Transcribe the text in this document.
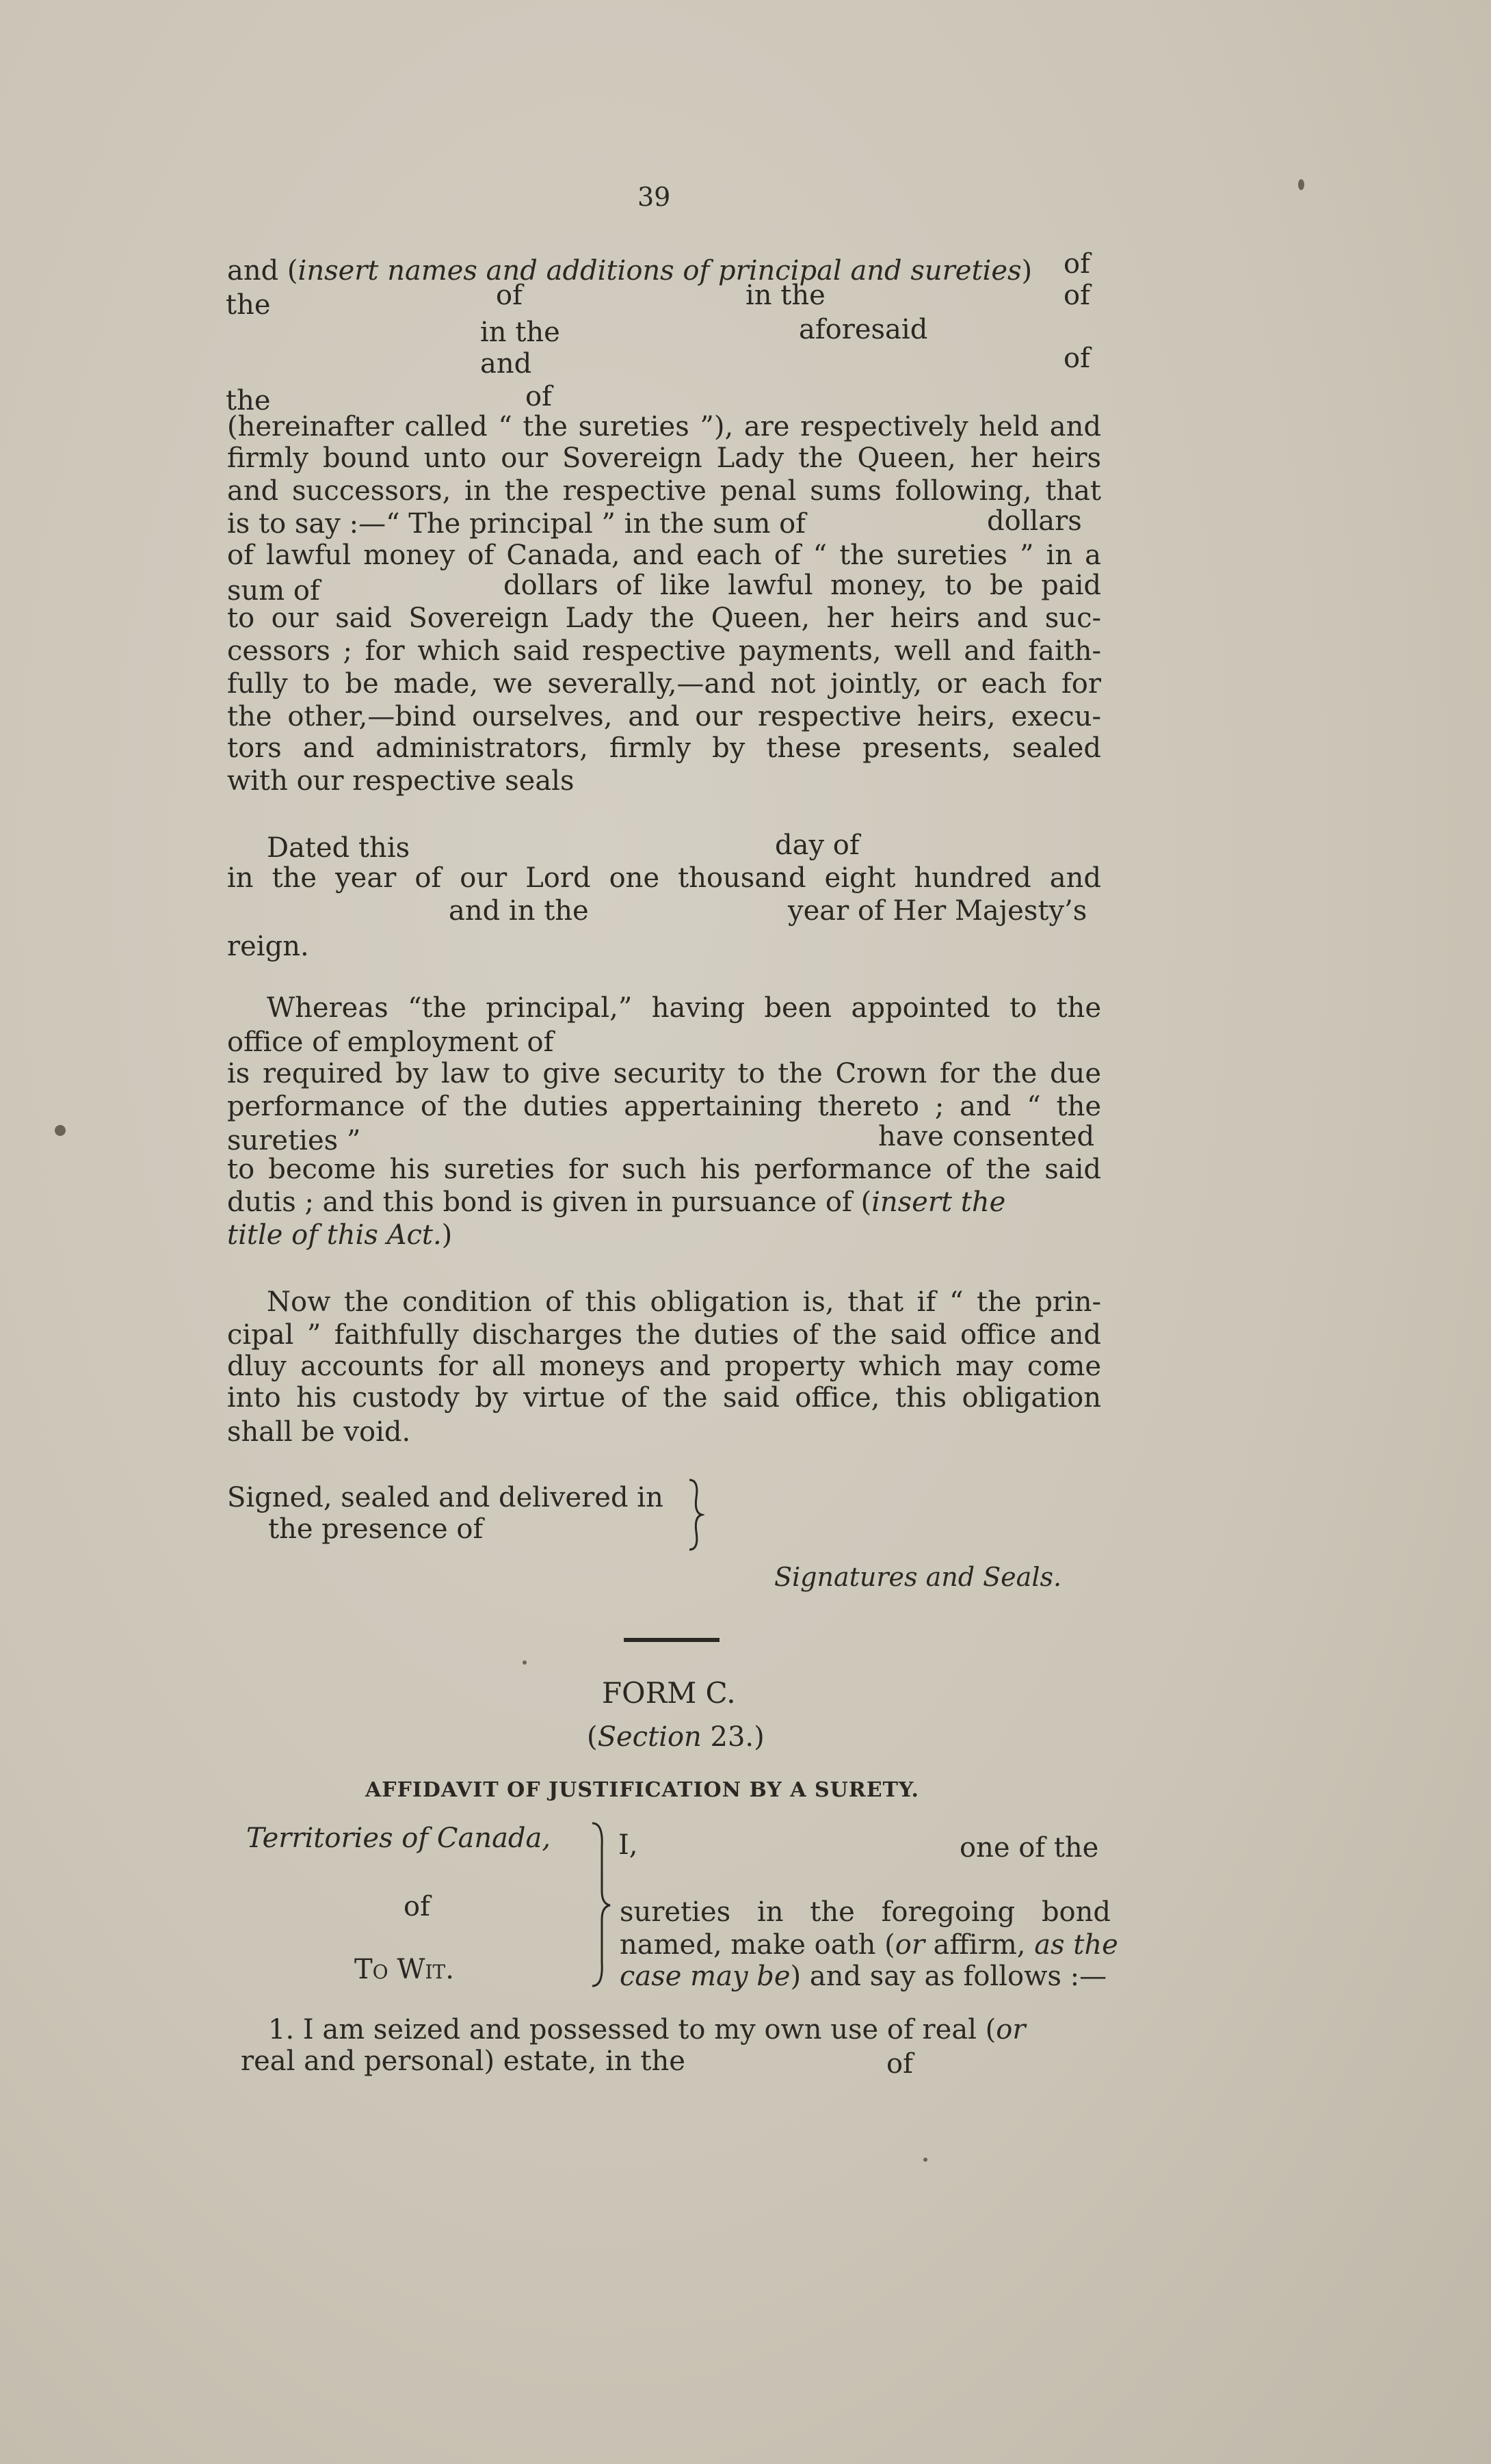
39
and (insert names and additions of principal and sureties) of
the	of	in the	of
in the	aforesaid
and	of
the	of
(hereinafter called “ the sureties ”), are respectively held and
firmly bound unto our Sovereign Lady the Queen, her heirs
and successors, in the respective penal sums following, that
is to say :—“ The principal ” in the sum of	dollars
of lawful money of Canada, and each of “ the sureties ” in a
sum of	dollars of like lawful money, to be paid
to our said Sovereign Lady the Queen, her heirs and suc-
cessors ; for which said respective payments, well and faith-
fully to be made, we severally,—and not jointly, or each for
the other,—bind ourselves, and our respective heirs, execu-
tors and administrators, firmly by these presents, sealed
with our respective seals
Dated this	day of
in the year of our Lord one thousand eight hundred and
and in the	year of Her Majesty’s
reign.
Whereas “the principal,” having been appointed to the
office of employment of
is required by law to give security to the Crown for the due
performance of the duties appertaining thereto ; and “ the
sureties ”	have consented
to become his sureties for such his performance of the said
dutis ; and this bond is given in pursuance of (insert the
title of this Act.)
Now the condition of this obligation is, that if “ the prin-
cipal ” faithfully discharges the duties of the said office and
dluy accounts for all moneys and property which may come
into his custody by virtue of the said office, this obligation
shall be void.
Signed, sealed and delivered in
the presence of
Signatures and Seals.
FORM C.
(Section 23.)
AFFIDAVIT OF JUSTIFICATION BY A SURETY.
Territories of Canada,
of
To Wit.
I,	one of the
sureties in the foregoing bond
named, make oath (or affirm, as the
case may be) and say as follows :—
1. I am seized and possessed to my own use of real (or
real and personal) estate, in the	of
